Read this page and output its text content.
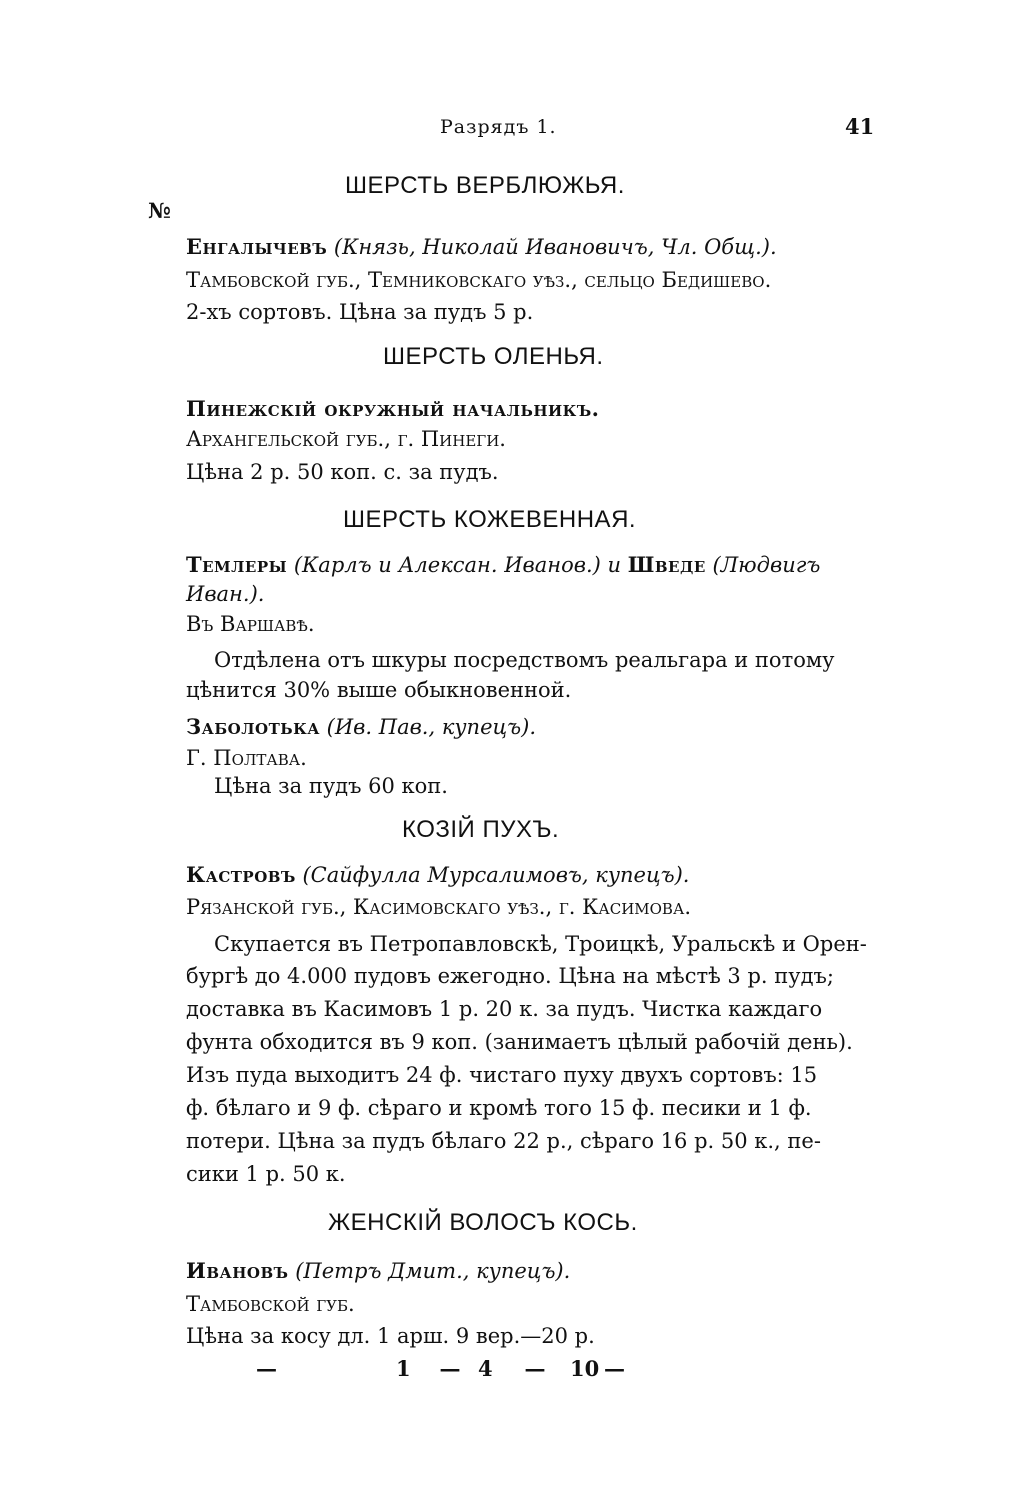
Разрядъ 1.	41
№
ШЕРСТЬ ВЕРБЛЮЖЬЯ.
Енгалычевъ (Князь, Николай Ивановичъ, Чл. Общ.).
Тамбовской губ., Темниковскаго уѣз., сельцо Бедишево.
2-хъ сортовъ. Цѣна за пудъ 5 р.
ШЕРСТЬ ОЛЕНЬЯ.
Пинежскій окружный начальникъ.
Архангельской губ., г. Пинеги.
Цѣна 2 р. 50 коп. с. за пудъ.
ШЕРСТЬ КОЖЕВЕННАЯ.
Темлеры (Карлъ и Алексан. Иванов.) и Шведе (Людвигъ
Иван.).
Въ Варшавѣ.
Отдѣлена отъ шкуры посредствомъ реальгара и потому
цѣнится 30% выше обыкновенной.
Заболотька (Ив. Пав., купецъ).
Г. Полтава.
Цѣна за пудъ 60 коп.
КОЗІЙ ПУХЪ.
Кастровъ (Сайфулла Мурсалимовъ, купецъ).
Рязанской губ., Касимовскаго уѣз., г. Касимова.
Скупается въ Петропавловскѣ, Троицкѣ, Уральскѣ и Орен-
бургѣ до 4.000 пудовъ ежегодно. Цѣна на мѣстѣ 3 р. пудъ;
доставка въ Касимовъ 1 р. 20 к. за пудъ. Чистка каждаго
фунта обходится въ 9 коп. (занимаетъ цѣлый рабочій день).
Изъ пуда выходитъ 24 ф. чистаго пуху двухъ сортовъ: 15
ф. бѣлаго и 9 ф. сѣраго и кромѣ того 15 ф. песики и 1 ф.
потери. Цѣна за пудъ бѣлаго 22 р., сѣраго 16 р. 50 к., пе-
сики 1 р. 50 к.
ЖЕНСКІЙ ВОЛОСЪ КОСЬ.
Ивановъ (Петръ Дмит., купецъ).
Тамбовской губ.
Цѣна за косу дл. 1 арш. 9 вер.—20 р.
—	1 — 4 — 10 —
